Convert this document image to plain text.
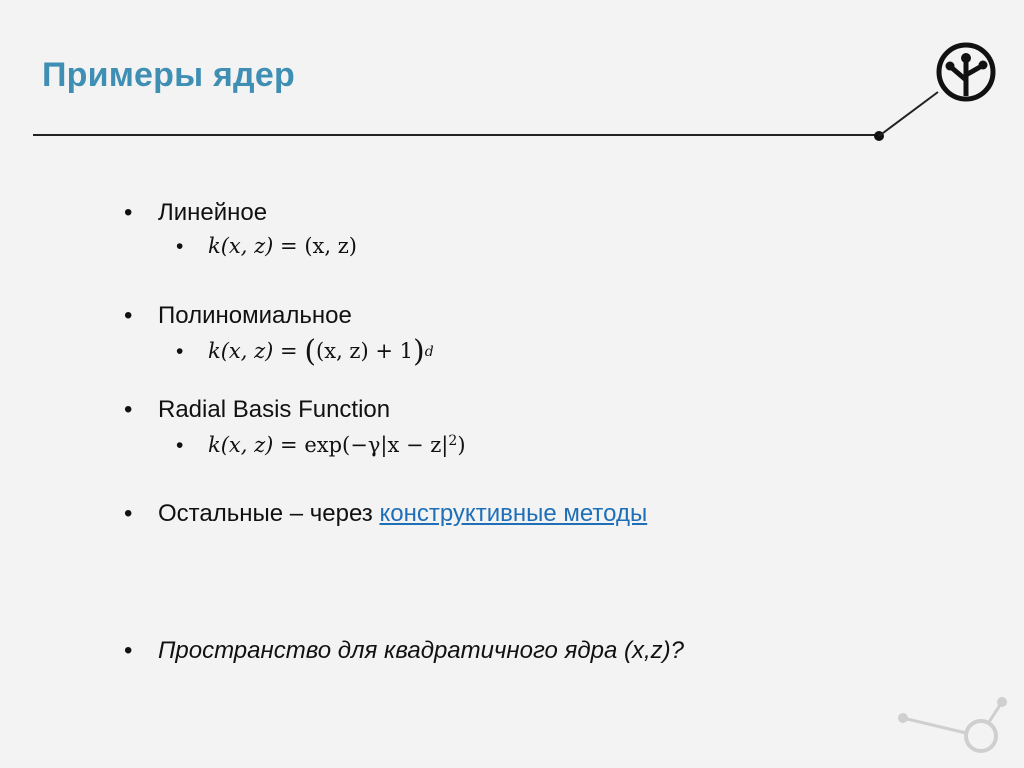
Примеры ядер
• Линейное
• k(x, z) = (x, z)
• Полиномиальное
• k(x, z) = ((x, z) + 1)d
• Radial Basis Function
• k(x, $z) = \exp(-\gamma|x - z|^2)$
• Остальные – через конструктивные методы
• Пространство для квадратичного ядра (x,z)?
